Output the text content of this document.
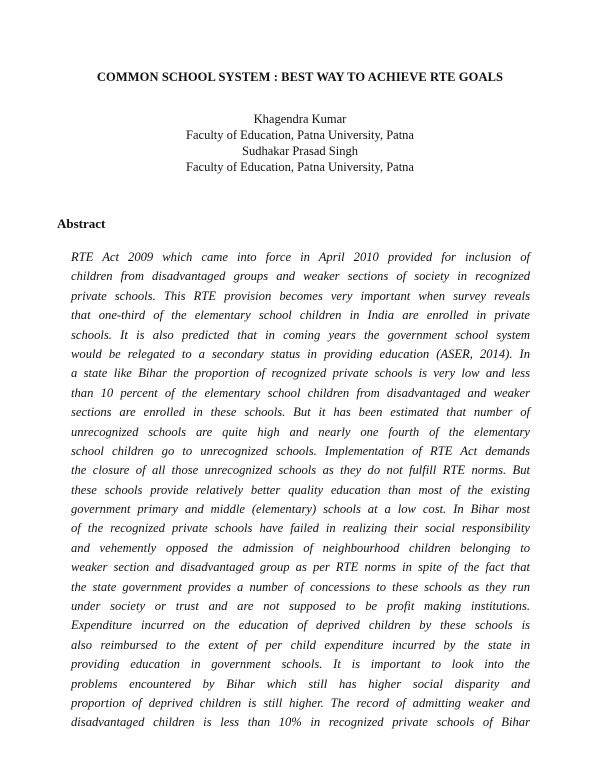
COMMON SCHOOL SYSTEM : BEST WAY TO ACHIEVE RTE GOALS
Khagendra Kumar
Faculty of Education, Patna University, Patna
Sudhakar Prasad Singh
Faculty of Education, Patna University, Patna
Abstract
RTE Act 2009 which came into force in April 2010 provided for inclusion of
children from disadvantaged groups and weaker sections of society in recognized
private schools. This RTE provision becomes very important when survey reveals
that one-third of the elementary school children in India are enrolled in private
schools. It is also predicted that in coming years the government school system
would be relegated to a secondary status in providing education (ASER, 2014). In
a state like Bihar the proportion of recognized private schools is very low and less
than 10 percent of the elementary school children from disadvantaged and weaker
sections are enrolled in these schools. But it has been estimated that number of
unrecognized schools are quite high and nearly one fourth of the elementary
school children go to unrecognized schools. Implementation of RTE Act demands
the closure of all those unrecognized schools as they do not fulfill RTE norms. But
these schools provide relatively better quality education than most of the existing
government primary and middle (elementary) schools at a low cost. In Bihar most
of the recognized private schools have failed in realizing their social responsibility
and vehemently opposed the admission of neighbourhood children belonging to
weaker section and disadvantaged group as per RTE norms in spite of the fact that
the state government provides a number of concessions to these schools as they run
under society or trust and are not supposed to be profit making institutions.
Expenditure incurred on the education of deprived children by these schools is
also reimbursed to the extent of per child expenditure incurred by the state in
providing education in government schools. It is important to look into the
problems encountered by Bihar which still has higher social disparity and
proportion of deprived children is still higher. The record of admitting weaker and
disadvantaged children is less than 10% in recognized private schools of Bihar
